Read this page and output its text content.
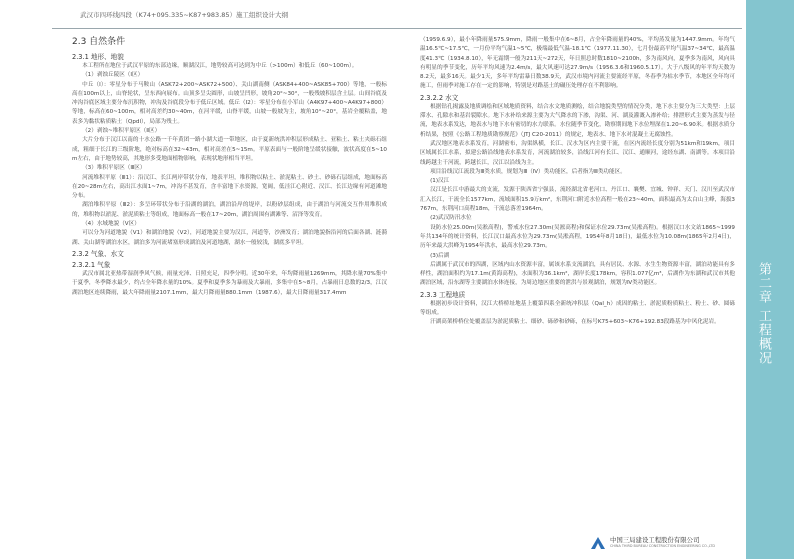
武汉市四环线四段（K74+095.335~K87+983.85）施工组织设计大纲
2.3 自然条件
2.3.1 地形、地貌

本工程所在地位于武汉平原的东部边缘，顺湖汉江，地势较高可达到为中丘（>100m）和低丘（60~100m）。

（1）剥蚀丘陵区（Ⅰ区）

中丘（Ⅰ）：零星分布于马鞍山（ASK72+200~ASK72+500）、关山湖南侧（ASK84+400~ASK85+700）等地，一般标高在100m以上，山脊轮状，呈东西向展布。山顶多呈尖圆形，山坡呈凹形，坡角20°~30°，一般残坡积层含土层。山间谷底及冲沟谷底区域主要分布沉积物，冲沟及谷底段分布于低丘区域。低丘（Ⅰ2）：零星分布在小军山（A4K97+400~A4K97+800）等地，标高在60~100m，相对高差约30~40m，在河平缓，山脊平缓，山坡一般坡为主，坡角10°~20°，基岩全覆粘盖，地表多为黏状粘质粘土（Qpdl），局部为残土。

（2）剥蚀~堆积平原区（Ⅱ区）

大片分布于汉江以南的十水公路一千年黄团一路小湖大道一带地区，由于夏新统洪冲积层形成粘土、亚粘土、粘土夹砾石组成，粗细于长江的三级阶地，绝对标高在32~43m，相对高差在5~15m。平原表面与一般阶地呈缓状接触，波状高度在5~10m左右，由于地势较高，其地形多受地面植物影响，表现状地形相当平坦。

（3）堆积平原区（Ⅲ区）

河流堆积平原（Ⅲ1）：沿汉江、长江两岸带状分布，地表平坦，堆积物以粘土、淤泥粘土、砂土、砂砾石层组成，地面标高在20~28m左右，高出江水面1~7m，冲沟不甚发育，含丰富地下水资源，宽阔，低洼江心附近、汉江、长江边缘有河道滩地分布。

湖泊堆积平原（Ⅲ2）：多呈环带状分布于沿湖的湖泊，湖泊沿岸的堤岸，以粉砂层组成，由于湖泊与河流交互作用堆积成的，堆积物以淤泥、淤泥质粘土等组成，地面标高一般在17~20m，湖泊周围有湖滩等、沼泽等发育。

（4）水域地貌（Ⅴ区）

可以分为河道地貌（Ⅴ1）和湖泊地貌（Ⅴ2），河道地貌主要为汉江，河道等，沙洲发育；湖泊地貌指沿河的后面各湖、涟漪湖、关山湖等湖泊水区，湖泊多为河流堵塞形成湖泊及河道地湖，湖水一般较浅，湖底多平坦。

2.3.2 气象、水文
2.3.2.1 气象

武汉市属北亚热带湿润季风气候，雨量充沛、日照充足，四季分明。近30年来，年均降雨量1269mm，其降水量70%集中于夏季，冬季降水最少，约占全年降水量的10%。夏季和夏季多为暴雨及大暴雨，多集中在5~8月，占暴雨日总数的2/3，江汉湖泊地区连续降雨，最大年降雨量2107.1mm，最大月降雨量880.1mm（1987.6），最大日降雨量317.4mm

（1959.6.9），最小年降雨量575.9mm，降雨一般集中在6~8月，占全年降雨量的40%，平均蒸发量为1447.9mm。年均气温16.5℃~17.5℃，一月份平均气温1~5℃，极端最低气温-18.1℃（1977.11.30），七月份最高平均气温37~34℃，最高温度41.3℃（1934.8.10），年无霜期一般为211天~272天，年日照总时数1810~2100h，多为南风向，夏季多为南风，风向具有明显的季节变化，历年平均风速为2.4m/s，最大风速可达27.9m/s（1956.3.6和1960.5.17）。大于八级风的年平均天数为8.2天，最多16天。最少1天，多年平均雷暴日数38.9天，武汉市境内河流主要流经平原，冬春季为枯水季节，本地区全年均可施工，但雨季对施工存在一定的影响，特别是对路基土的碾压处理存在不利影响。

2.3.2.2 水文

根据钻孔揭露及地质调绘和区域地质资料，结合水文地质测绘，结合地貌类型的情况分类，地下水主要分为三大类型：上层滞水、孔隙水和基岩裂隙水。地下水补给来源主要为大气降水的下渗，沟渠、河、湖及灌溉入渗补给；排泄形式主要为蒸发与径流，地表水系发达，地表水与地下水有密切的水力联系。水位随季节变化，勘察期间地下水位埋深在1.20~6.90米。根据水质分析结果，按照《公路工程地质勘察规范》（JTJ C20-2011）的规定，地表水、地下水对混凝土无腐蚀性。

武汉地区地表水系发育，河湖密布，沟渠纵横，长江、汉水为区内主要干流，在区内流经长度分别为51km和19km，项目区域属长江水系，拟建公路沿线地表水系发育，河流湖泊较多，沿线江河有长江、汉江、通顺河，途经东湖、南湖等。本项目沿线跨越主干河流，跨越长江，汉江以沿线为主。

项目沿线汉江流段为Ⅲ类水质，规划为Ⅲ（Ⅳ）类功能区，后者指为Ⅲ类功能区。

(1)汉江

汉江是长江中游最大的支流，发源于陕西省宁强县，流经湖北省老河口、丹江口、襄樊、宜城、钟祥、天门、汉川至武汉市汇入长江，干流全长1577km，流域面积15.9万km²，东荆河口附近水位高程一般在23~40m，面积最高为太白山主峰，海拔3767m，东荆河口高程18m，干流总落差1964m。

(2)武汉防汛水位

设防水位25.00m(吴淞高程)，警戒水位27.30m(吴淞高程)和保证水位29.73m(吴淞高程)。根据汉口水文站1865~1999年共134年的统计资料，长江汉口最高水位为29.73m(吴淞高程，1954年8月18日)，最低水位为10.08m(1865年2月4日)，历年来最大洪峰为1954年洪水，最高水位29.73m。

(3)后湖

后湖属于武汉市的四湖，区域内山水资源丰富，属该水系支流湖泊，具有居民、水源、水生生物资源丰富，湖泊功能具有多样性，湖泊面积约为17.1m(黄海高程)，水面积为36.1km²，湖岸长度178km，容积1.077亿m³，后湖作为东湖和武汉市其他湖泊区域，沿东湖等主要湖泊水体连接，为周边地区重要的泄洪与景观湖泊，规划为Ⅳ类功能区。

2.3.3 工程地质

根据初步设计资料，汉江大桥桥址地基上覆第四系全新统冲积层（Qal_h）成因的粘土、淤泥质粉质粘土、粉土、砂、圆砾等组成。

汗湖高架桥桥位处覆盖层为淤泥质粘土、细砂、砾砂和砂砾，在标号K75+603~K76+192.83段路基为中风化泥岩。	第二章 工程概况
中国三局建设工程股份有限公司
CHINA THIRD BUREAU CONSTRUCTION ENGINEERING CO.,LTD
